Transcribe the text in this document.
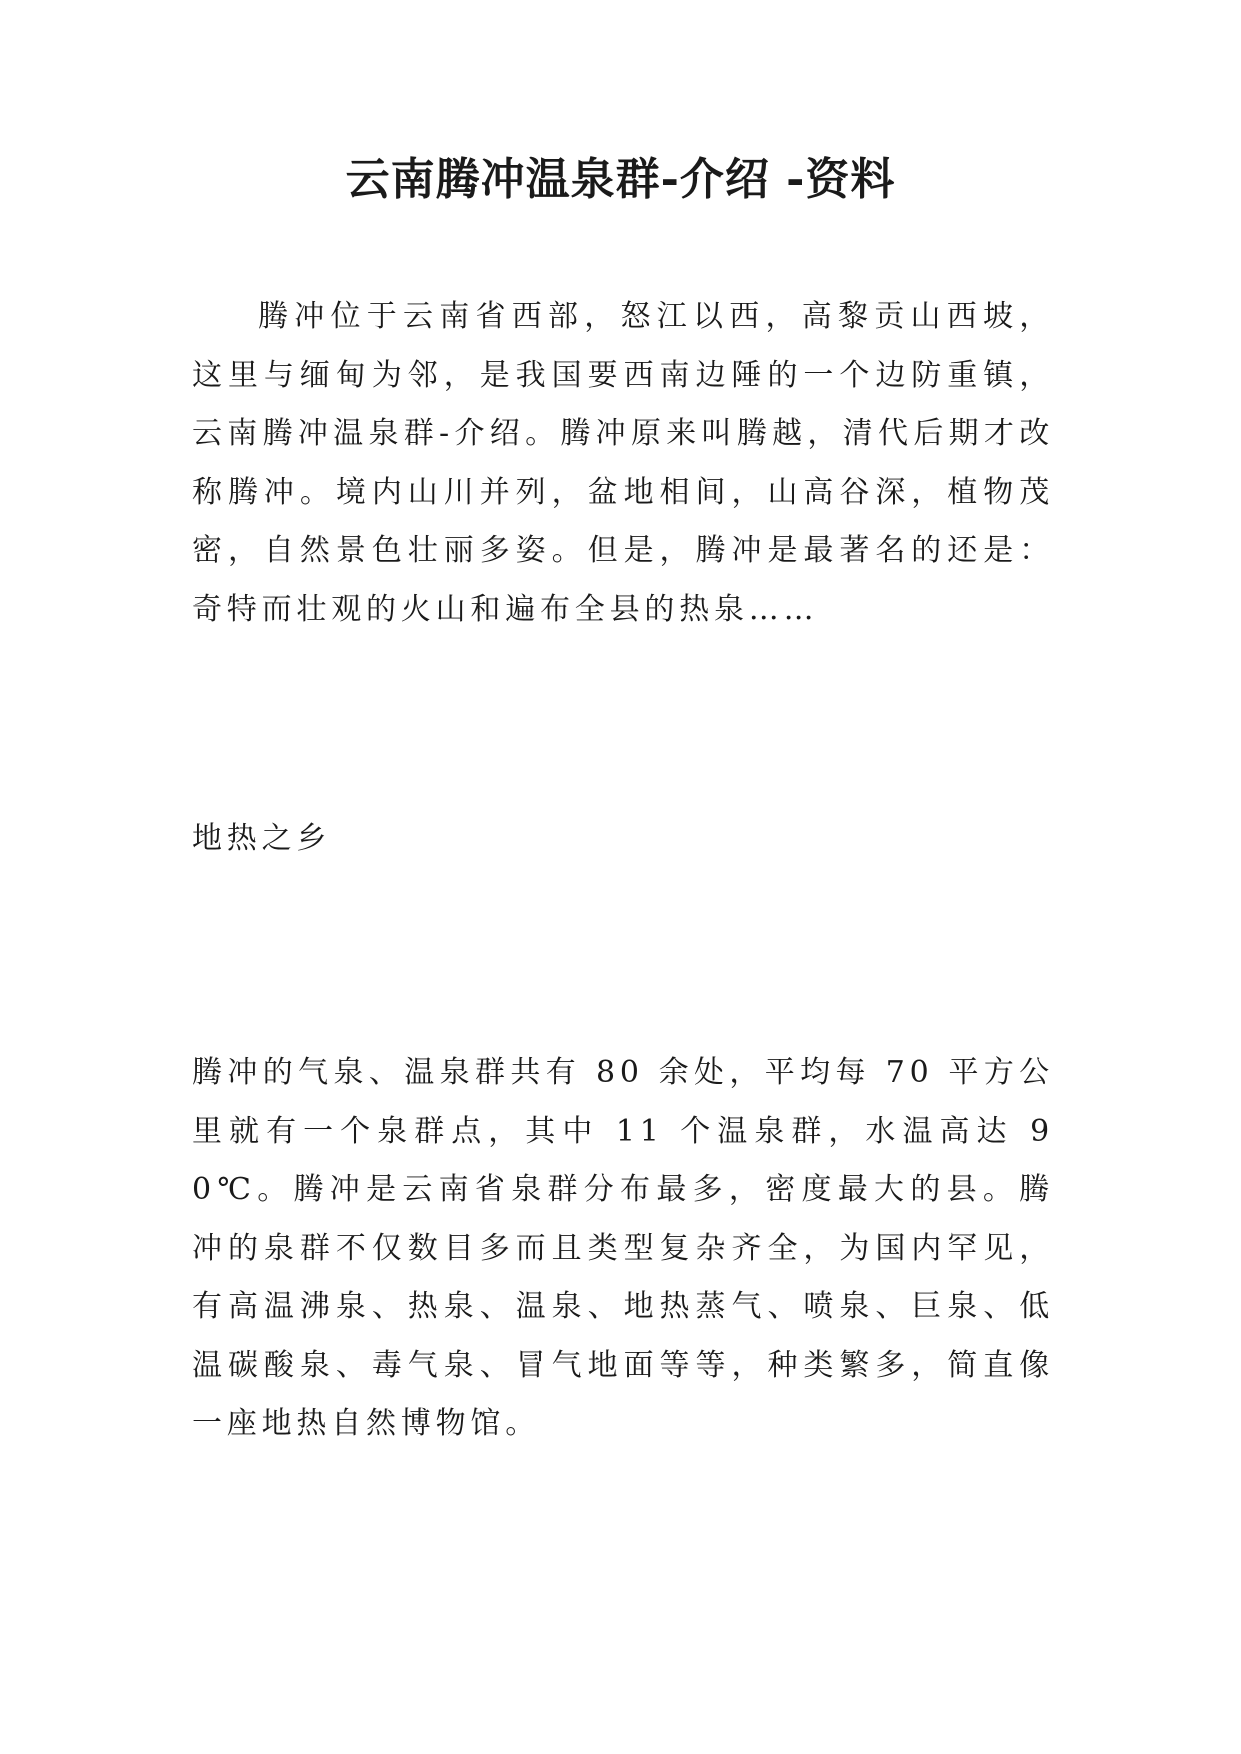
云南腾冲温泉群-介绍 -资料

腾冲位于云南省西部，怒江以西，高黎贡山西坡，这里与缅甸为邻，是我国要西南边陲的一个边防重镇，云南腾冲温泉群-介绍。腾冲原来叫腾越，清代后期才改称腾冲。境内山川并列，盆地相间，山高谷深，植物茂密，自然景色壮丽多姿。但是，腾冲是最著名的还是：奇特而壮观的火山和遍布全县的热泉……

地热之乡

腾冲的气泉、温泉群共有 80 余处，平均每 70 平方公里就有一个泉群点，其中 11 个温泉群，水温高达 90℃。腾冲是云南省泉群分布最多，密度最大的县。腾冲的泉群不仅数目多而且类型复杂齐全，为国内罕见，有高温沸泉、热泉、温泉、地热蒸气、喷泉、巨泉、低温碳酸泉、毒气泉、冒气地面等等，种类繁多，简直像一座地热自然博物馆。
